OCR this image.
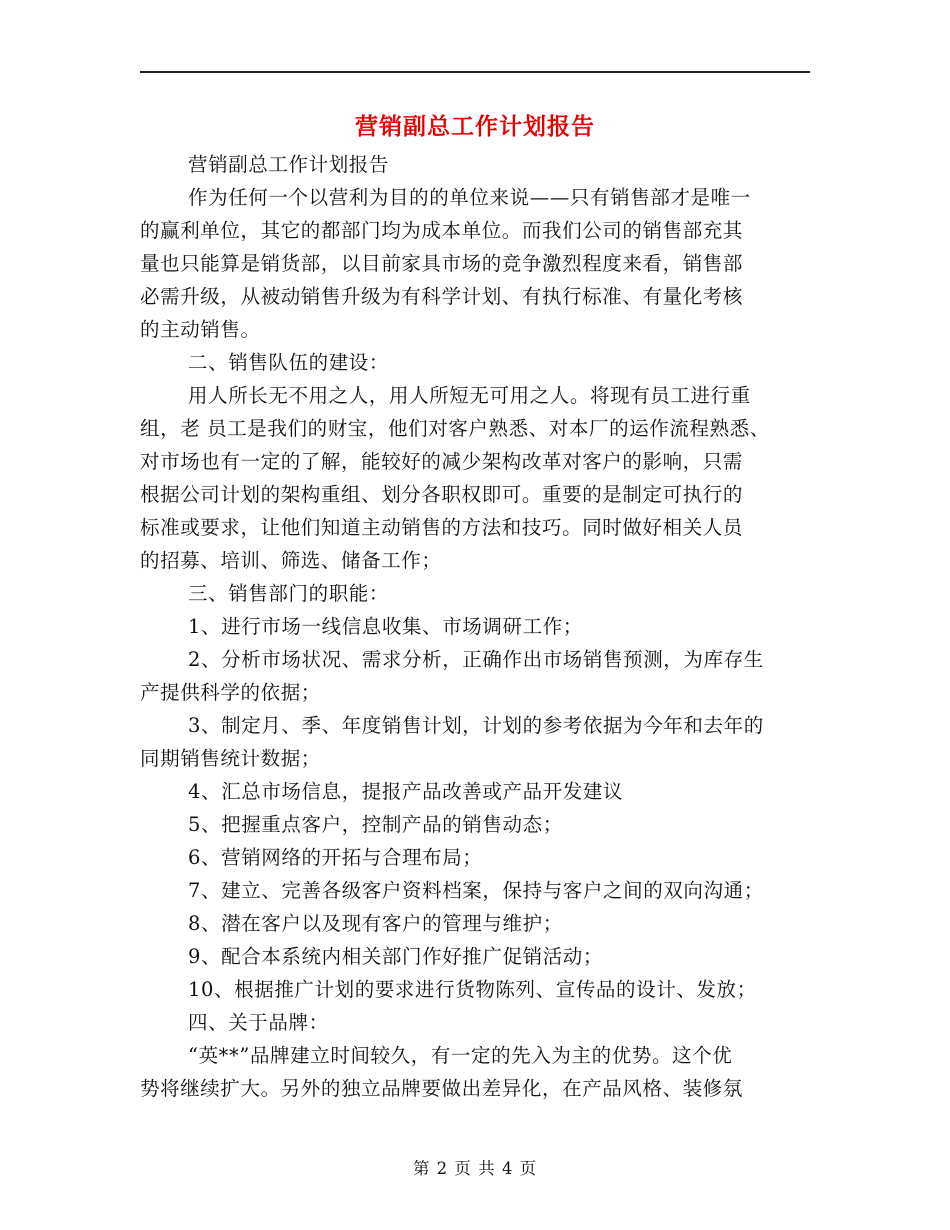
营销副总工作计划报告

营销副总工作计划报告

作为任何一个以营利为目的的单位来说——只有销售部才是唯一

的赢利单位，其它的都部门均为成本单位。而我们公司的销售部充其

量也只能算是销货部，以目前家具市场的竞争激烈程度来看，销售部

必需升级，从被动销售升级为有科学计划、有执行标准、有量化考核

的主动销售。

二、销售队伍的建设：

用人所长无不用之人，用人所短无可用之人。将现有员工进行重

组，老 员工是我们的财宝，他们对客户熟悉、对本厂的运作流程熟悉、

对市场也有一定的了解，能较好的减少架构改革对客户的影响，只需

根据公司计划的架构重组、划分各职权即可。重要的是制定可执行的

标准或要求，让他们知道主动销售的方法和技巧。同时做好相关人员

的招募、培训、筛选、储备工作；

三、销售部门的职能：

1、进行市场一线信息收集、市场调研工作；

2、分析市场状况、需求分析，正确作出市场销售预测，为库存生

产提供科学的依据；

3、制定月、季、年度销售计划，计划的参考依据为今年和去年的

同期销售统计数据；

4、汇总市场信息，提报产品改善或产品开发建议

5、把握重点客户，控制产品的销售动态；

6、营销网络的开拓与合理布局；

7、建立、完善各级客户资料档案，保持与客户之间的双向沟通；

8、潜在客户以及现有客户的管理与维护；

9、配合本系统内相关部门作好推广促销活动；

10、根据推广计划的要求进行货物陈列、宣传品的设计、发放；

四、关于品牌：

“英**”品牌建立时间较久，有一定的先入为主的优势。这个优

势将继续扩大。另外的独立品牌要做出差异化，在产品风格、装修氛

第 2 页 共 4 页
